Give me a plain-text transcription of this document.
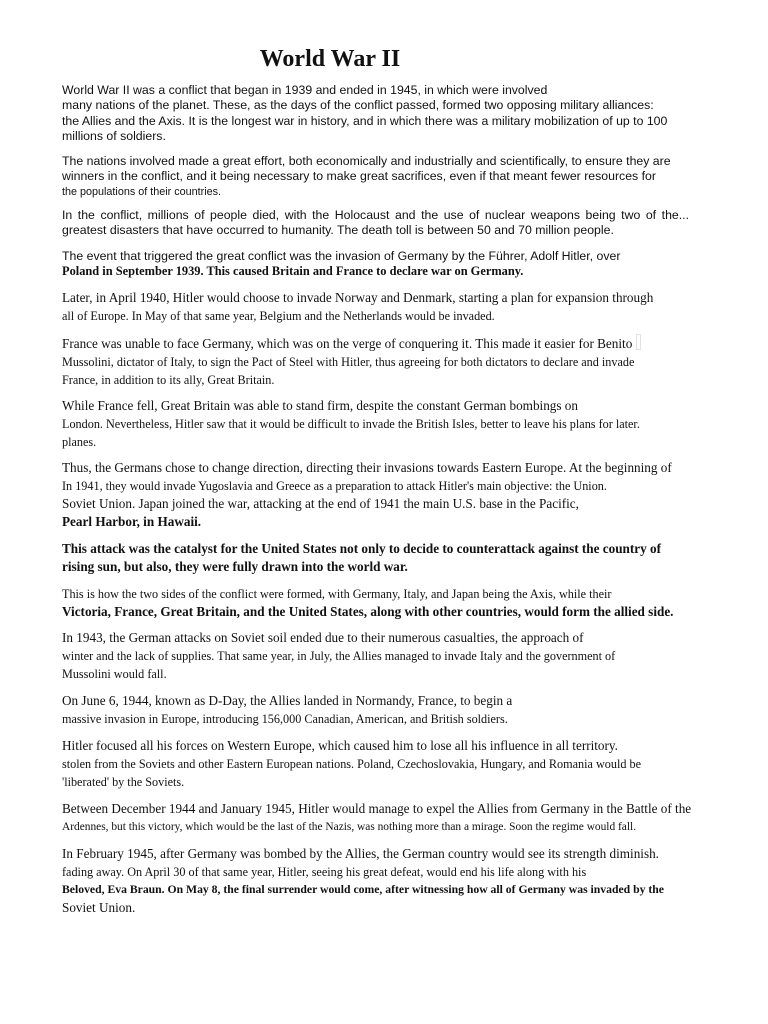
World War II

World War II was a conflict that began in 1939 and ended in 1945, in which were involved
many nations of the planet. These, as the days of the conflict passed, formed two opposing military alliances:
the Allies and the Axis. It is the longest war in history, and in which there was a military mobilization of up to 100
millions of soldiers.

The nations involved made a great effort, both economically and industrially and scientifically, to ensure they are
winners in the conflict, and it being necessary to make great sacrifices, even if that meant fewer resources for
the populations of their countries.

In the conflict, millions of people died, with the Holocaust and the use of nuclear weapons being two of the...
greatest disasters that have occurred to humanity. The death toll is between 50 and 70 million people.

The event that triggered the great conflict was the invasion of Germany by the Führer, Adolf Hitler, over

Poland in September 1939. This caused Britain and France to declare war on Germany.

Later, in April 1940, Hitler would choose to invade Norway and Denmark, starting a plan for expansion through
all of Europe. In May of that same year, Belgium and the Netherlands would be invaded.

France was unable to face Germany, which was on the verge of conquering it. This made it easier for Benito
Mussolini, dictator of Italy, to sign the Pact of Steel with Hitler, thus agreeing for both dictators to declare and invade
France, in addition to its ally, Great Britain.

While France fell, Great Britain was able to stand firm, despite the constant German bombings on
London. Nevertheless, Hitler saw that it would be difficult to invade the British Isles, better to leave his plans for later.
planes.

Thus, the Germans chose to change direction, directing their invasions towards Eastern Europe. At the beginning of
In 1941, they would invade Yugoslavia and Greece as a preparation to attack Hitler's main objective: the Union.
Soviet Union. Japan joined the war, attacking at the end of 1941 the main U.S. base in the Pacific,
Pearl Harbor, in Hawaii.

This attack was the catalyst for the United States not only to decide to counterattack against the country of
rising sun, but also, they were fully drawn into the world war.

This is how the two sides of the conflict were formed, with Germany, Italy, and Japan being the Axis, while their
Victoria, France, Great Britain, and the United States, along with other countries, would form the allied side.

In 1943, the German attacks on Soviet soil ended due to their numerous casualties, the approach of
winter and the lack of supplies. That same year, in July, the Allies managed to invade Italy and the government of
Mussolini would fall.

On June 6, 1944, known as D-Day, the Allies landed in Normandy, France, to begin a
massive invasion in Europe, introducing 156,000 Canadian, American, and British soldiers.

Hitler focused all his forces on Western Europe, which caused him to lose all his influence in all territory.
stolen from the Soviets and other Eastern European nations. Poland, Czechoslovakia, Hungary, and Romania would be
'liberated' by the Soviets.

Between December 1944 and January 1945, Hitler would manage to expel the Allies from Germany in the Battle of the
Ardennes, but this victory, which would be the last of the Nazis, was nothing more than a mirage. Soon the regime would fall.

In February 1945, after Germany was bombed by the Allies, the German country would see its strength diminish.
fading away. On April 30 of that same year, Hitler, seeing his great defeat, would end his life along with his
Beloved, Eva Braun. On May 8, the final surrender would come, after witnessing how all of Germany was invaded by the
Soviet Union.
